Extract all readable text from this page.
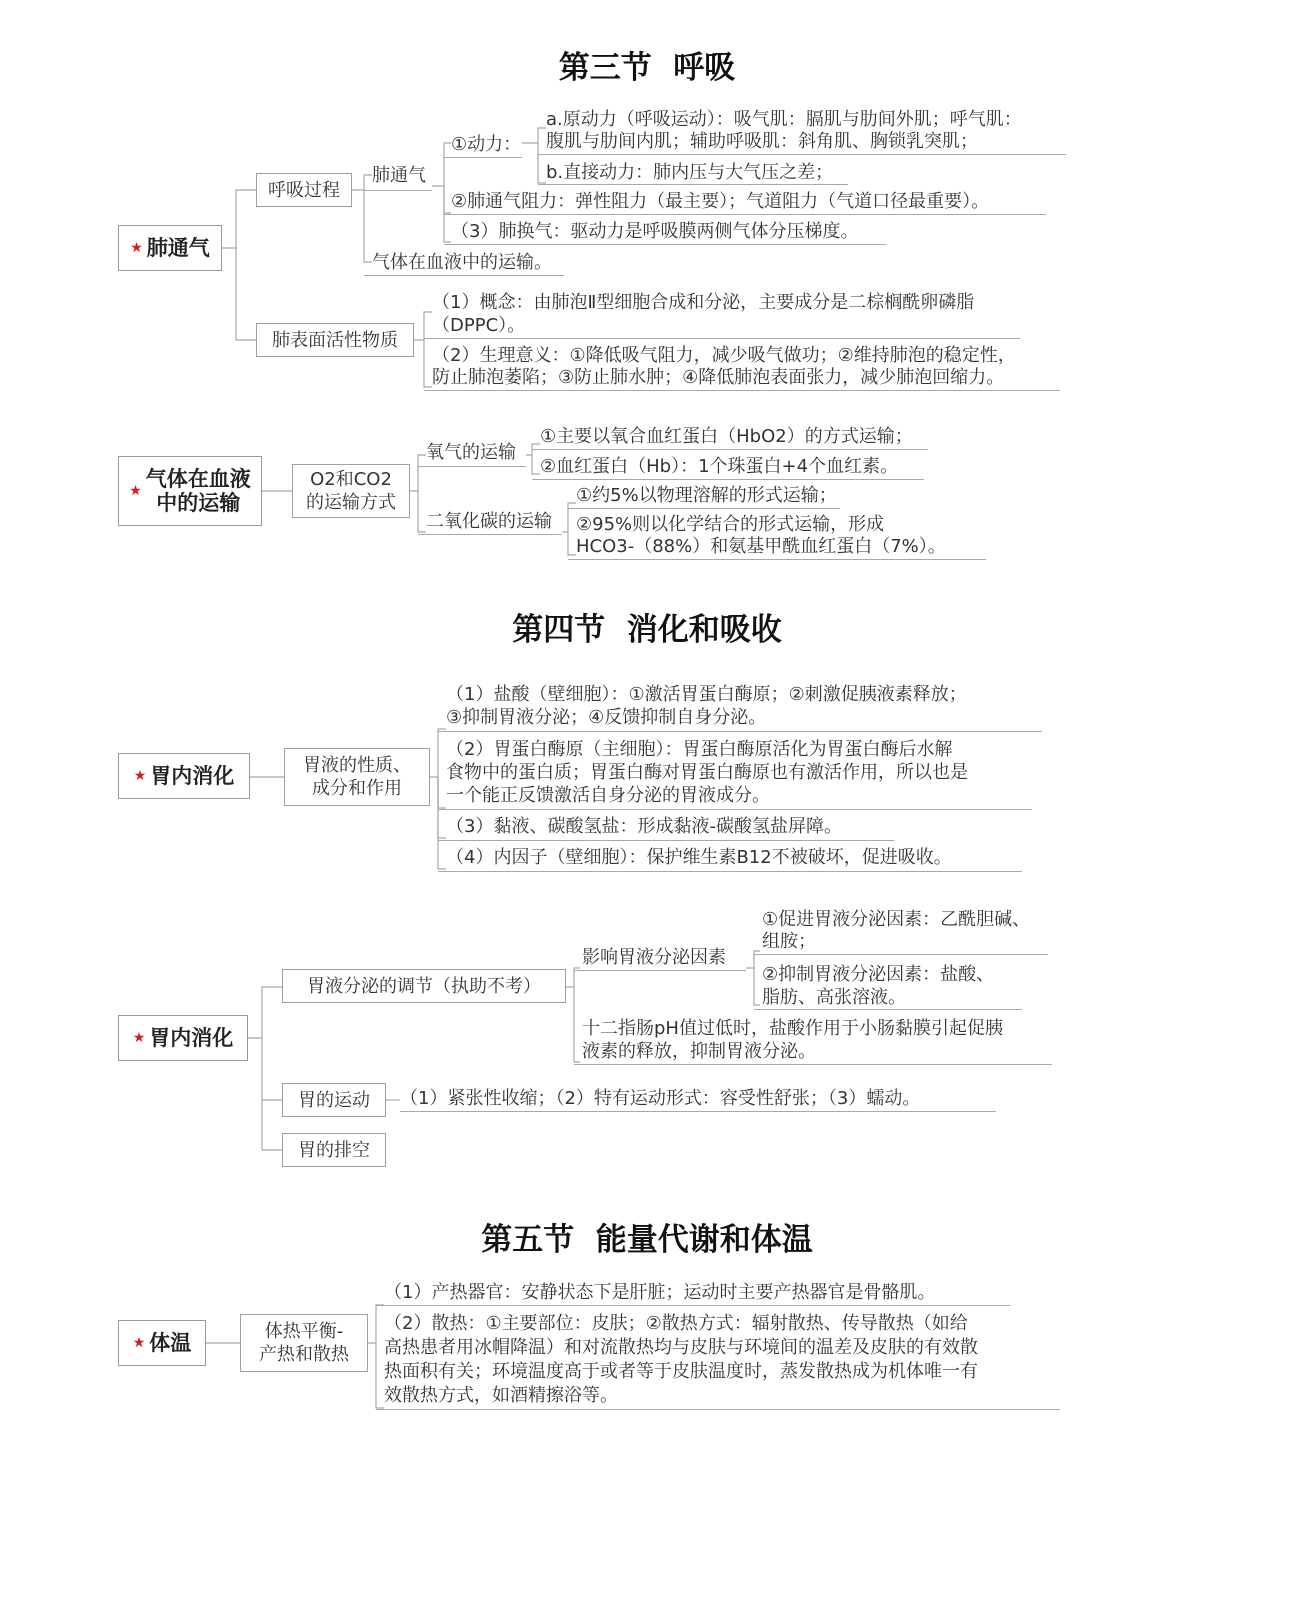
第三节  呼吸
第四节  消化和吸收
第五节  能量代谢和体温
★ 肺通气
呼吸过程
肺通气
①动力：
a.原动力（呼吸运动）：吸气肌：膈肌与肋间外肌；呼气肌：
腹肌与肋间内肌；辅助呼吸肌：斜角肌、胸锁乳突肌；
b.直接动力：肺内压与大气压之差；
②肺通气阻力：弹性阻力（最主要）；气道阻力（气道口径最重要）。
（3）肺换气：驱动力是呼吸膜两侧气体分压梯度。
气体在血液中的运输。
肺表面活性物质
（1）概念：由肺泡Ⅱ型细胞合成和分泌，主要成分是二棕榈酰卵磷脂
（DPPC）。
（2）生理意义：①降低吸气阻力，减少吸气做功；②维持肺泡的稳定性，
防止肺泡萎陷；③防止肺水肿；④降低肺泡表面张力，减少肺泡回缩力。
★ 气体在血液
中的运输
O2和CO2
的运输方式
氧气的运输
①主要以氧合血红蛋白（HbO2）的方式运输；
②血红蛋白（Hb）：1个珠蛋白+4个血红素。
二氧化碳的运输
①约5%以物理溶解的形式运输；
②95%则以化学结合的形式运输，形成
HCO3-（88%）和氨基甲酰血红蛋白（7%）。
★ 胃内消化	胃液的性质、
成分和作用
（1）盐酸（壁细胞）：①激活胃蛋白酶原；②刺激促胰液素释放；
③抑制胃液分泌；④反馈抑制自身分泌。
（2）胃蛋白酶原（主细胞）：胃蛋白酶原活化为胃蛋白酶后水解
食物中的蛋白质；胃蛋白酶对胃蛋白酶原也有激活作用，所以也是
一个能正反馈激活自身分泌的胃液成分。
（3）黏液、碳酸氢盐：形成黏液-碳酸氢盐屏障。
（4）内因子（壁细胞）：保护维生素B12不被破坏，促进吸收。
★ 胃内消化
胃液分泌的调节（执助不考）
影响胃液分泌因素
①促进胃液分泌因素：乙酰胆碱、
组胺；
②抑制胃液分泌因素：盐酸、
脂肪、高张溶液。
十二指肠pH值过低时，盐酸作用于小肠黏膜引起促胰
液素的释放，抑制胃液分泌。
胃的运动	（1）紧张性收缩；（2）特有运动形式：容受性舒张；（3）蠕动。
胃的排空
★ 体温	体热平衡-
产热和散热
（1）产热器官：安静状态下是肝脏；运动时主要产热器官是骨骼肌。
（2）散热：①主要部位：皮肤；②散热方式：辐射散热、传导散热（如给
高热患者用冰帽降温）和对流散热均与皮肤与环境间的温差及皮肤的有效散
热面积有关；环境温度高于或者等于皮肤温度时，蒸发散热成为机体唯一有
效散热方式，如酒精擦浴等。
